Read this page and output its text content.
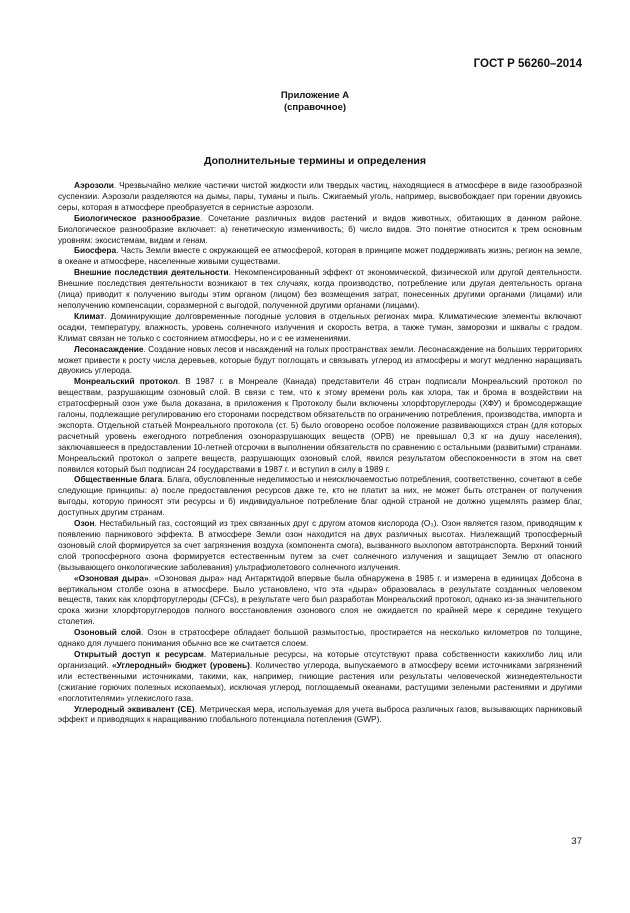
ГОСТ Р 56260–2014
Приложение А
(справочное)
Дополнительные термины и определения

Аэрозоли. Чрезвычайно мелкие частички чистой жидкости или твердых частиц, находящиеся в атмосфере в виде газообразной суспензии. Аэрозоли разделяются на дымы, пары, туманы и пыль. Сжигаемый уголь, например, высвобождает при горении двуокись серы, которая в атмосфере преобразуется в сернистые аэрозоли.

Биологическое разнообразие. Сочетание различных видов растений и видов животных, обитающих в данном районе. Биологическое разнообразие включает: а) генетическую изменчивость; б) число видов. Это понятие относится к трем основным уровням: экосистемам, видам и генам.

Биосфера. Часть Земли вместе с окружающей ее атмосферой, которая в принципе может поддерживать жизнь; регион на земле, в океане и атмосфере, населенные живыми существами.

Внешние последствия деятельности. Некомпенсированный эффект от экономической, физической или другой деятельности. Внешние последствия деятельности возникают в тех случаях, когда производство, потребление или другая деятельность органа (лица) приводит к получению выгоды этим органом (лицом) без возмещения затрат, понесенных другими органами (лицами) или неполучению компенсации, соразмерной с выгодой, полученной другими органами (лицами).

Климат. Доминирующие долговременные погодные условия в отдельных регионах мира. Климатические элементы включают осадки, температуру, влажность, уровень солнечного излучения и скорость ветра, а также туман, заморозки и шквалы с градом. Климат связан не только с состоянием атмосферы, но и с ее изменениями.

Лесонасаждение. Создание новых лесов и насаждений на голых пространствах земли. Лесонасаждение на больших территориях может привести к росту числа деревьев, которые будут поглощать и связывать углерод из атмосферы и могут медленно наращивать двуокись углерода.

Монреальский протокол. В 1987 г. в Монреале (Канада) представители 46 стран подписали Монреальский протокол по веществам, разрушающим озоновый слой. В связи с тем, что к этому времени роль как хлора, так и брома в воздействии на стратосферный озон уже была доказана, в приложения к Протоколу были включены хлорфторуглероды (ХФУ) и бромсодержащие галоны, подлежащие регулированию его сторонами посредством обязательств по ограничению потребления, производства, импорта и экспорта. Отдельной статьей Монреального протокола (ст. 5) было оговорено особое положение развивающихся стран (для которых расчетный уровень ежегодного потребления озоноразрушающих веществ (ОРВ) не превышал 0,3 кг на душу населения), заключавшееся в предоставлении 10-летней отсрочки в выполнении обязательств по сравнению с остальными (развитыми) странами. Монреальский протокол о запрете веществ, разрушающих озоновый слой, явился результатом обеспокоенности в этом на свет появился который был подписан 24 государствами в 1987 г. и вступил в силу в 1989 г.

Общественные блага. Блага, обусловленные неделимостью и неисключаемостью потребления, соответственно, сочетают в себе следующие принципы: а) после предоставления ресурсов даже те, кто не платит за них, не может быть отстранен от получения выгоды, которую приносят эти ресурсы и б) индивидуальное потребление благ одной страной не должно ущемлять размер благ, доступных другим странам.

Озон. Нестабильный газ, состоящий из трех связанных друг с другом атомов кислорода (O₃). Озон является газом, приводящим к появлению парникового эффекта. В атмосфере Земли озон находится на двух различных высотах. Низлежащий тропосферный озоновый слой формируется за счет загрязнения воздуха (компонента смога), вызванного выхлопом автотранспорта. Верхний тонкий слой тропосферного озона формируется естественным путем за счет солнечного излучения и защищает Землю от опасного (вызывающего онкологические заболевания) ультрафиолетового солнечного излучения.

«Озоновая дыра». «Озоновая дыра» над Антарктидой впервые была обнаружена в 1985 г. и измерена в единицах Добсона в вертикальном столбе озона в атмосфере. Было установлено, что эта «дыра» образовалась в результате созданных человеком веществ, таких как хлорфторуглероды (CFCs), в результате чего был разработан Монреальский протокол, однако из-за значительного срока жизни хлорфторуглеродов полного восстановления озонового слоя не ожидается по крайней мере к середине текущего столетия.

Озоновый слой. Озон в стратосфере обладает большой размытостью, простирается на несколько километров по толщине, однако для лучшего понимания обычно все же считается слоем.

Открытый доступ к ресурсам. Материальные ресурсы, на которые отсутствуют права собственности какихлибо лиц или организаций. «Углеродный» бюджет (уровень). Количество углерода, выпускаемого в атмосферу всеми источниками загрязнений или естественными источниками, такими, как, например, гниющие растения или результаты человеческой жизнедеятельности (сжигание горючих полезных ископаемых), исключая углерод, поглощаемый океанами, растущими зелеными растениями и другими «поглотителями» углекислого газа.

Углеродный эквивалент (CE). Метрическая мера, используемая для учета выброса различных газов, вызывающих парниковый эффект и приводящих к наращиванию глобального потенциала потепления (GWP).

37
